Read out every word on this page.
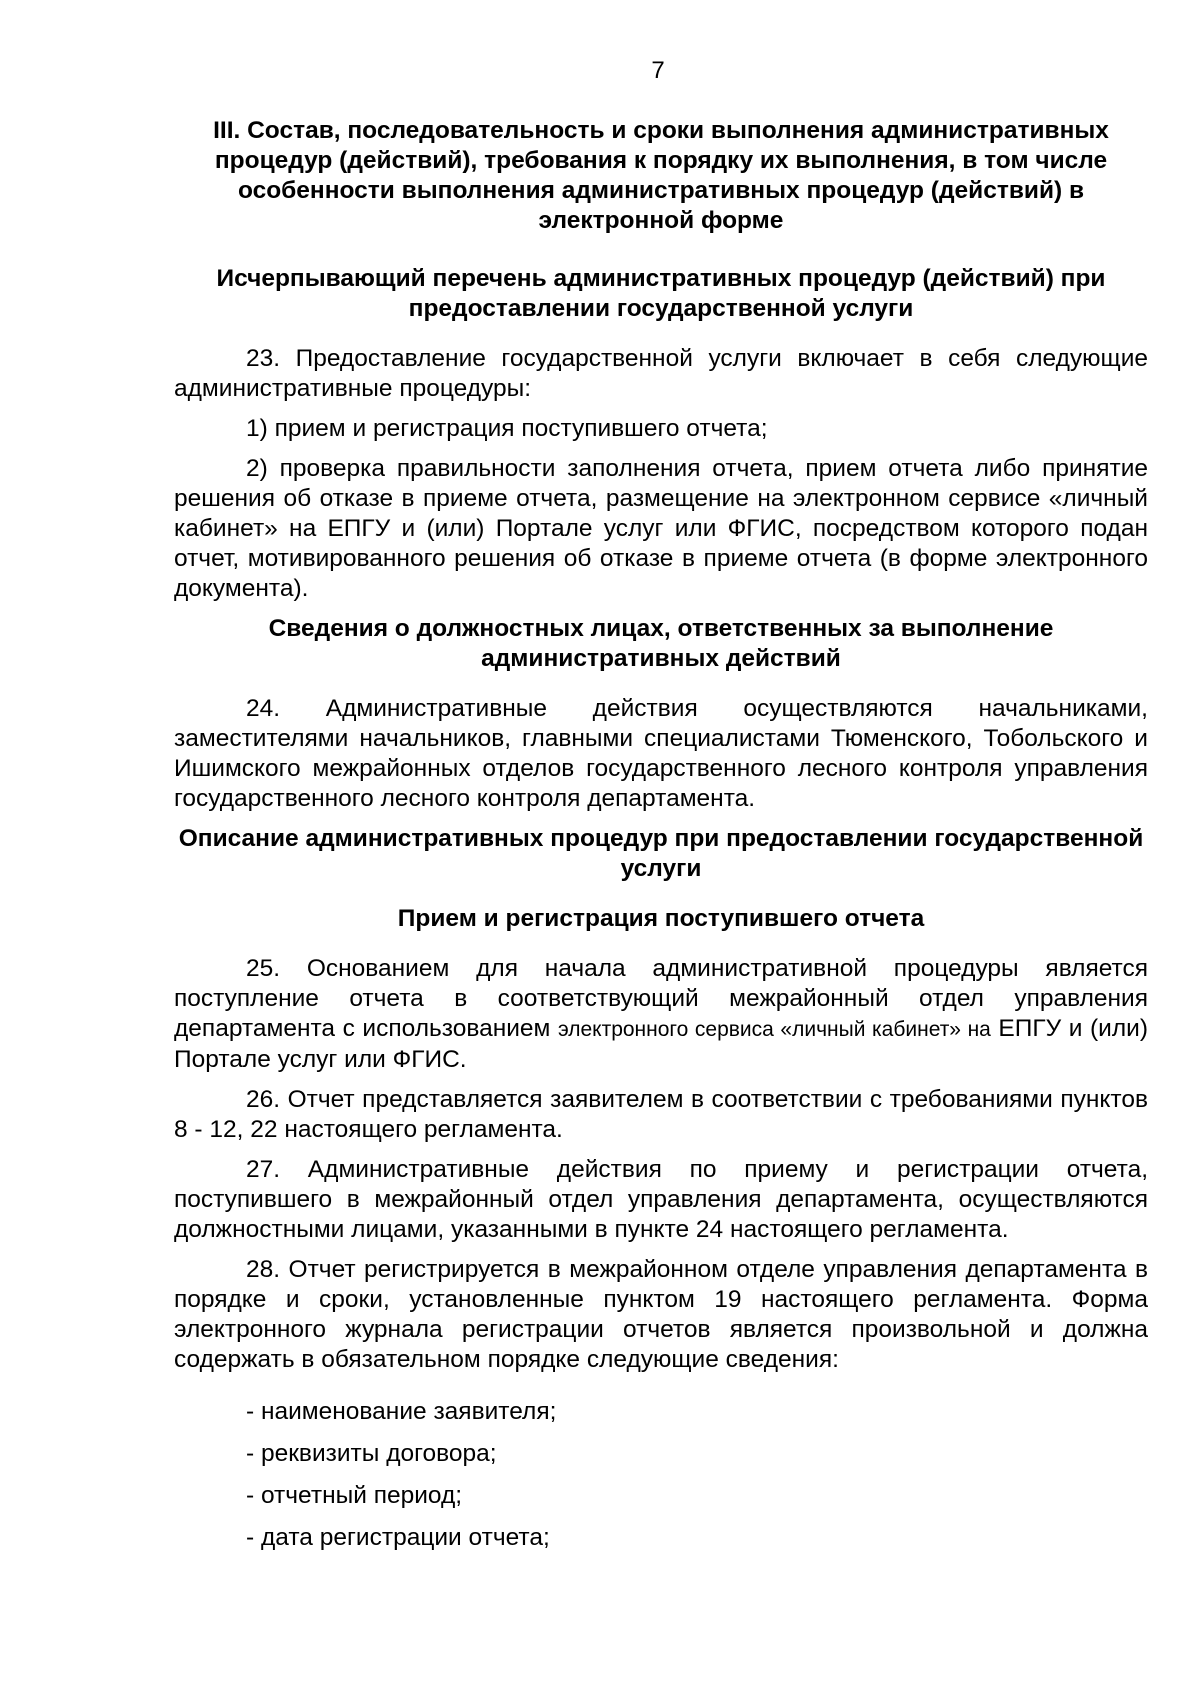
7
III. Состав, последовательность и сроки выполнения административных процедур (действий), требования к порядку их выполнения, в том числе особенности выполнения административных процедур (действий) в электронной форме
Исчерпывающий перечень административных процедур (действий) при предоставлении государственной услуги

23. Предоставление государственной услуги включает в себя следующие административные процедуры:

1) прием и регистрация поступившего отчета;

2) проверка правильности заполнения отчета, прием отчета либо принятие решения об отказе в приеме отчета, размещение на электронном сервисе «личный кабинет» на ЕПГУ и (или) Портале услуг или ФГИС, посредством которого подан отчет, мотивированного решения об отказе в приеме отчета (в форме электронного документа).

Сведения о должностных лицах, ответственных за выполнение административных действий

24. Административные действия осуществляются начальниками, заместителями начальников, главными специалистами Тюменского, Тобольского и Ишимского межрайонных отделов государственного лесного контроля управления государственного лесного контроля департамента.

Описание административных процедур при предоставлении государственной услуги
Прием и регистрация поступившего отчета

25. Основанием для начала административной процедуры является поступление отчета в соответствующий межрайонный отдел управления департамента с использованием электронного сервиса «личный кабинет» на ЕПГУ и (или) Портале услуг или ФГИС.

26. Отчет представляется заявителем в соответствии с требованиями пунктов 8 - 12, 22 настоящего регламента.

27. Административные действия по приему и регистрации отчета, поступившего в межрайонный отдел управления департамента, осуществляются должностными лицами, указанными в пункте 24 настоящего регламента.

28. Отчет регистрируется в межрайонном отделе управления департамента в порядке и сроки, установленные пунктом 19 настоящего регламента. Форма электронного журнала регистрации отчетов является произвольной и должна содержать в обязательном порядке следующие сведения:

- наименование заявителя;
- реквизиты договора;
- отчетный период;
- дата регистрации отчета;
